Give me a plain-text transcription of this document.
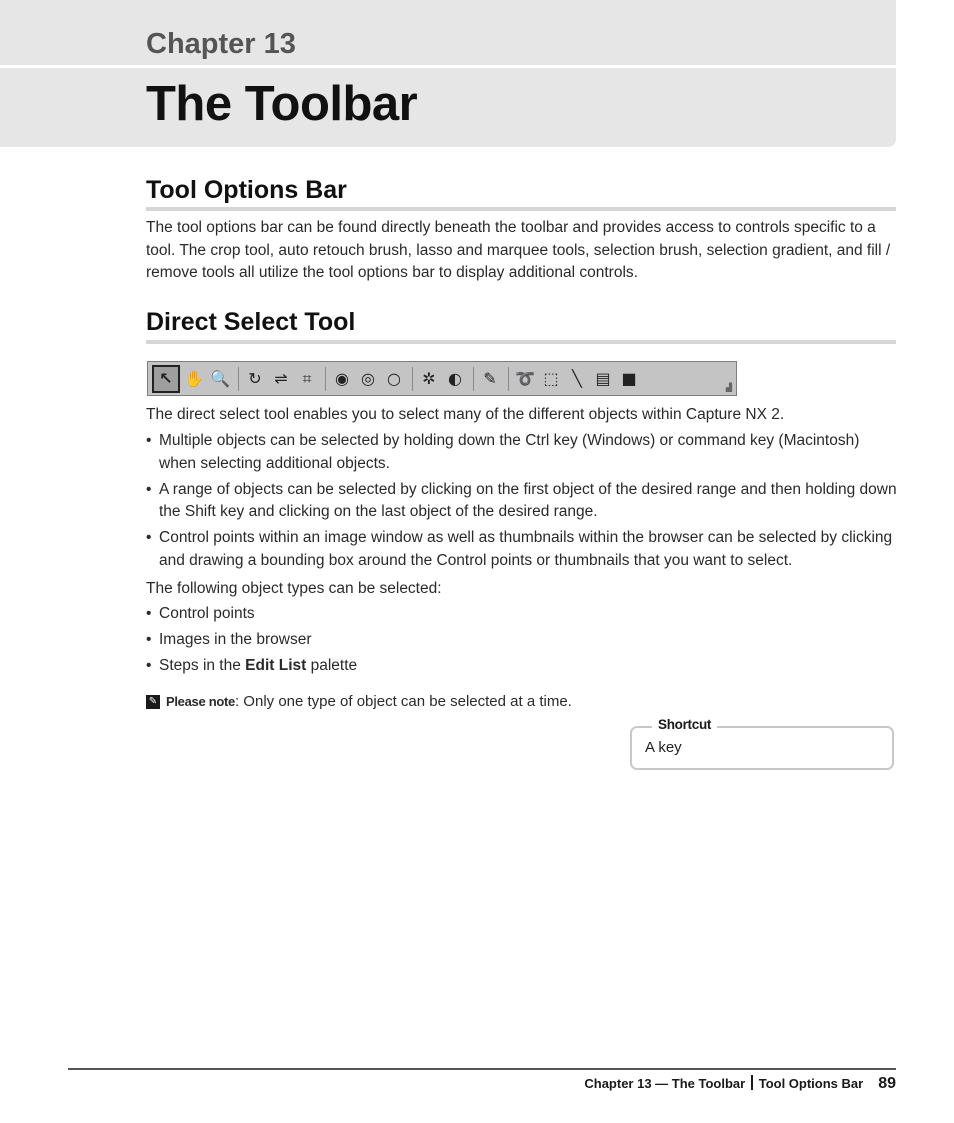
Chapter 13
The Toolbar
Tool Options Bar

The tool options bar can be found directly beneath the toolbar and provides access to controls specific to a tool. The crop tool, auto retouch brush, lasso and marquee tools, selection brush, selection gradient, and fill / remove tools all utilize the tool options bar to display additional controls.

Direct Select Tool
↖ ✋ 🔍	↻ ⇌ ⌗	◉ ◎ ○	✲ ◐	✎	➰ ⬚ ╲ ▤ ■	▟

The direct select tool enables you to select many of the different objects within Capture NX 2.

• Multiple objects can be selected by holding down the Ctrl key (Windows) or command key (Macintosh) when selecting additional objects.
• A range of objects can be selected by clicking on the first object of the desired range and then holding down the Shift key and clicking on the last object of the desired range.
• Control points within an image window as well as thumbnails within the browser can be selected by clicking and drawing a bounding box around the Control points or thumbnails that you want to select.

The following object types can be selected:

• Control points
• Images in the browser
• Steps in the Edit List palette
✎ Please note : Only one type of object can be selected at a time.
Shortcut
A key
Chapter 13 — The Toolbar Tool Options Bar 89
